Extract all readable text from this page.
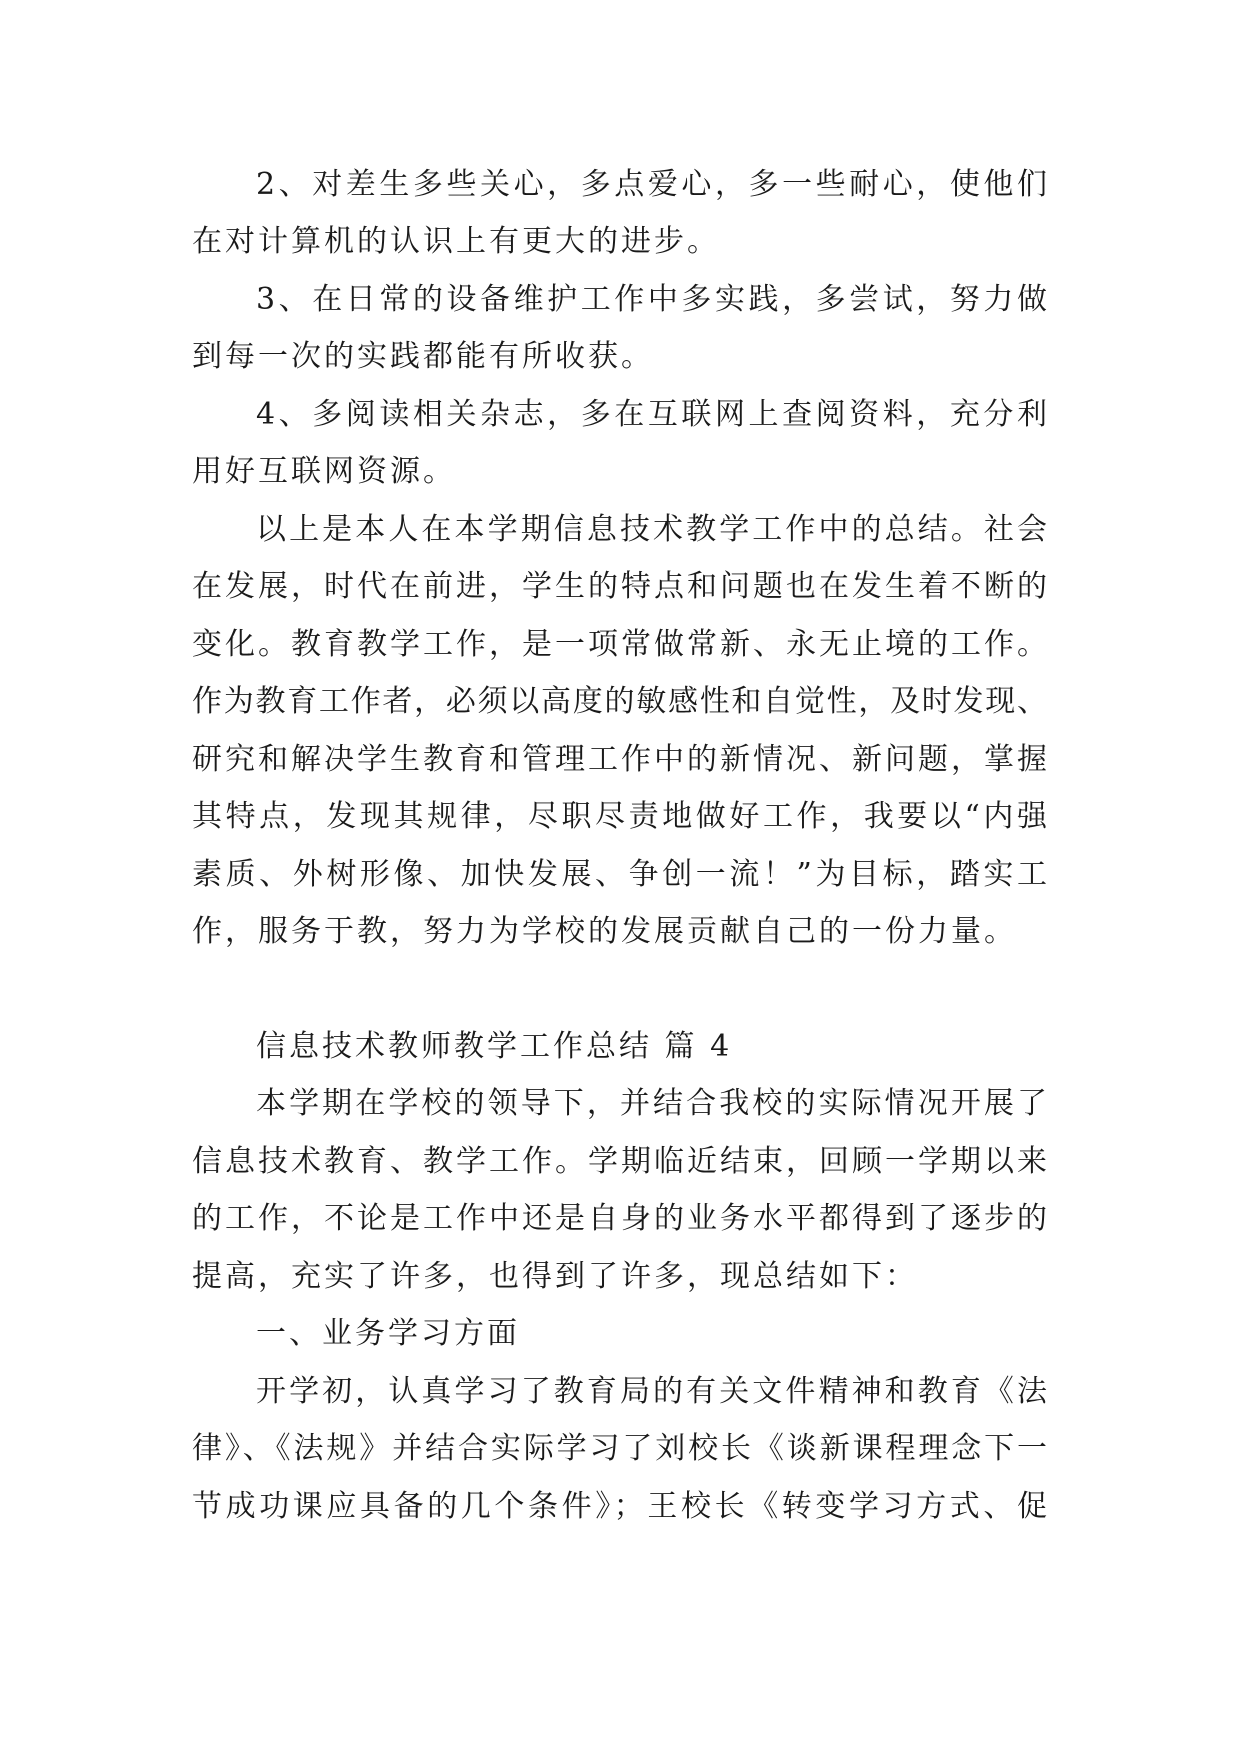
2、对差生多些关心，多点爱心，多一些耐心，使他们
在对计算机的认识上有更大的进步。
3、在日常的设备维护工作中多实践，多尝试，努力做
到每一次的实践都能有所收获。
4、多阅读相关杂志，多在互联网上查阅资料，充分利
用好互联网资源。
以上是本人在本学期信息技术教学工作中的总结。社会
在发展，时代在前进，学生的特点和问题也在发生着不断的
变化。教育教学工作，是一项常做常新、永无止境的工作。
作为教育工作者，必须以高度的敏感性和自觉性，及时发现、
研究和解决学生教育和管理工作中的新情况、新问题，掌握
其特点，发现其规律，尽职尽责地做好工作，我要以“内强
素质、外树形像、加快发展、争创一流！”为目标，踏实工
作，服务于教，努力为学校的发展贡献自己的一份力量。
信息技术教师教学工作总结 篇 4
本学期在学校的领导下，并结合我校的实际情况开展了
信息技术教育、教学工作。学期临近结束，回顾一学期以来
的工作，不论是工作中还是自身的业务水平都得到了逐步的
提高，充实了许多，也得到了许多，现总结如下：
一、业务学习方面
开学初，认真学习了教育局的有关文件精神和教育《法
律》、《法规》并结合实际学习了刘校长《谈新课程理念下一
节成功课应具备的几个条件》；王校长《转变学习方式、促
